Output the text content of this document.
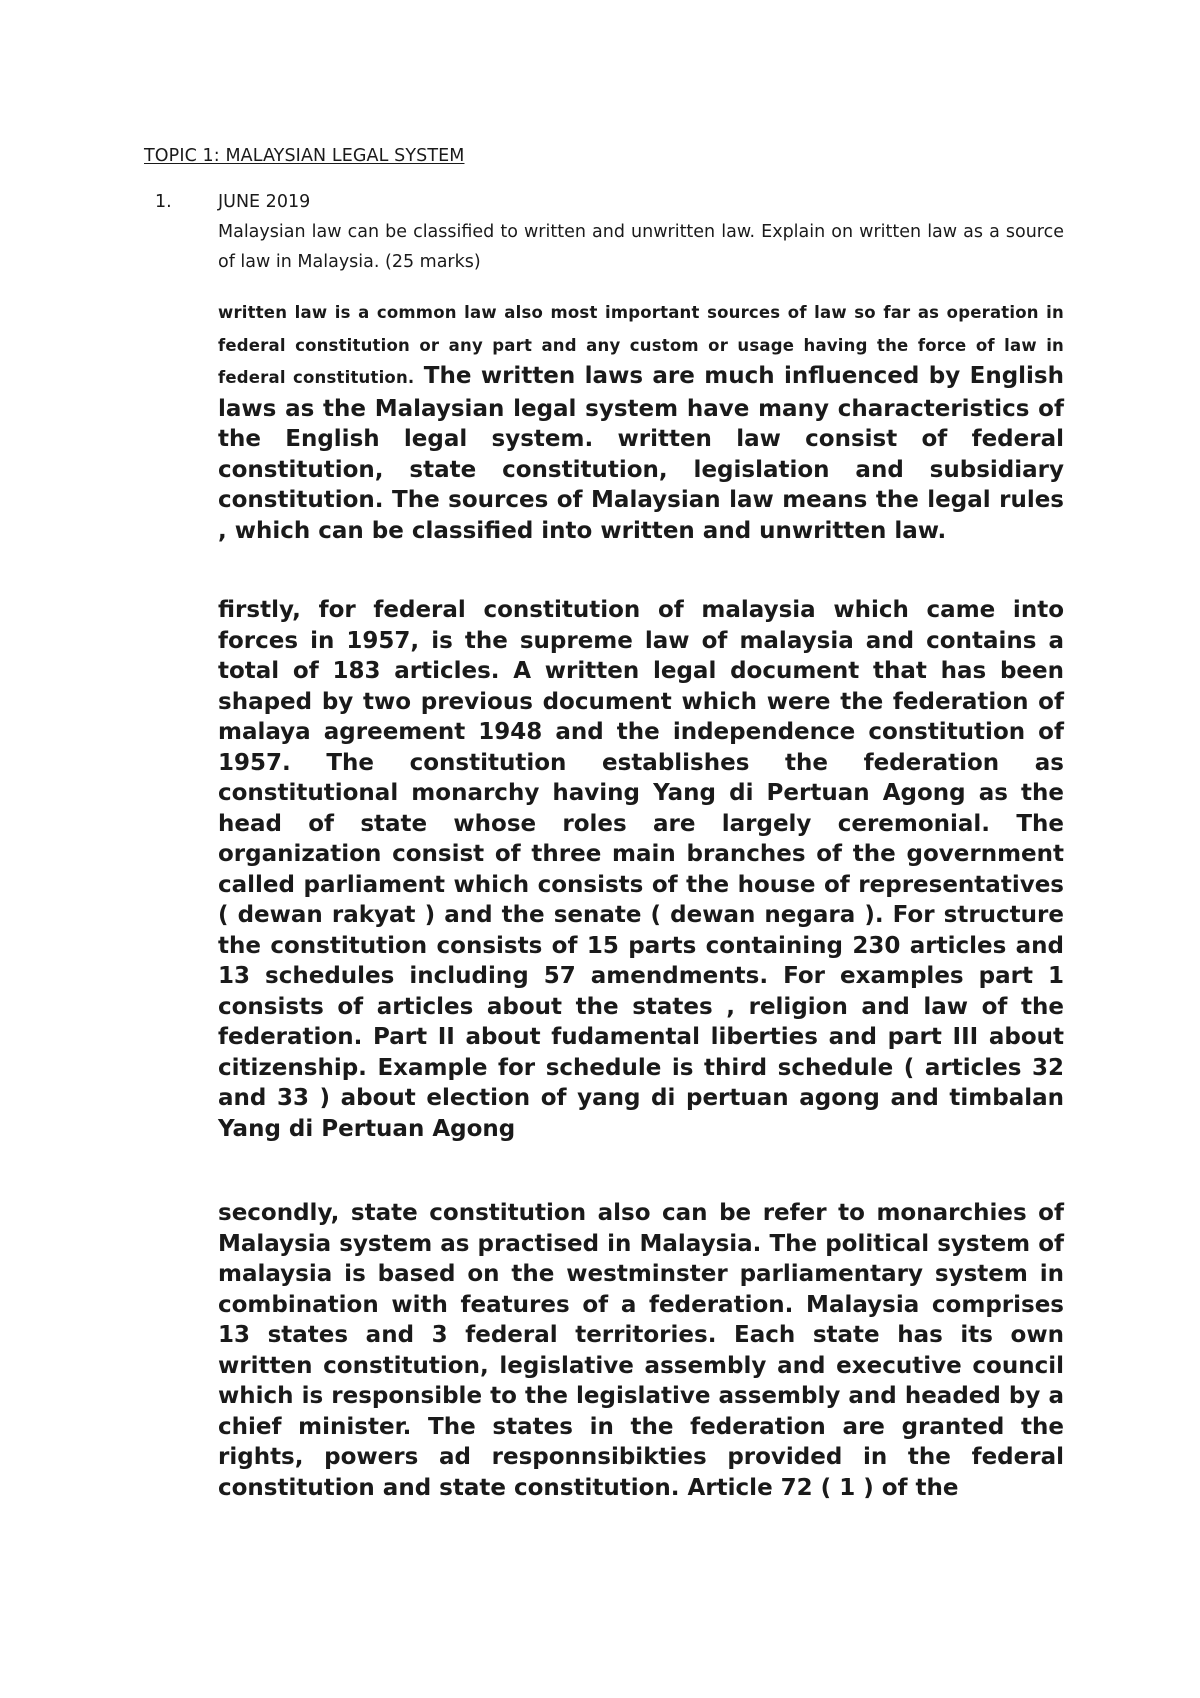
TOPIC 1: MALAYSIAN LEGAL SYSTEM
1.	JUNE 2019
Malaysian law can be classified to written and unwritten law. Explain on written law as a source of law in Malaysia. (25 marks)

written law is a common law also most important sources of law so far as operation in federal constitution or any part and any custom or usage having the force of law in federal constitution. The written laws are much influenced by English laws as the Malaysian legal system have many characteristics of the English legal system. written law consist of federal constitution, state constitution, legislation and subsidiary constitution. The sources of Malaysian law means the legal rules , which can be classified into written and unwritten law.

firstly, for federal constitution of malaysia which came into forces in 1957, is the supreme law of malaysia and contains a total of 183 articles. A written legal document that has been shaped by two previous document which were the federation of malaya agreement 1948 and the independence constitution of 1957. The constitution establishes the federation as constitutional monarchy having Yang di Pertuan Agong as the head of state whose roles are largely ceremonial. The organization consist of three main branches of the government called parliament which consists of the house of representatives ( dewan rakyat ) and the senate ( dewan negara ). For structure the constitution consists of 15 parts containing 230 articles and 13 schedules including 57 amendments. For examples part 1 consists of articles about the states , religion and law of the federation. Part II about fudamental liberties and part III about citizenship. Example for schedule is third schedule ( articles 32 and 33 ) about election of yang di pertuan agong and timbalan Yang di Pertuan Agong

secondly, state constitution also can be refer to monarchies of Malaysia system as practised in Malaysia. The political system of malaysia is based on the westminster parliamentary system in combination with features of a federation. Malaysia comprises 13 states and 3 federal territories. Each state has its own written constitution, legislative assembly and executive council which is responsible to the legislative assembly and headed by a chief minister. The states in the federation are granted the rights, powers ad responnsibikties provided in the federal constitution and state constitution. Article 72 ( 1 ) of the
